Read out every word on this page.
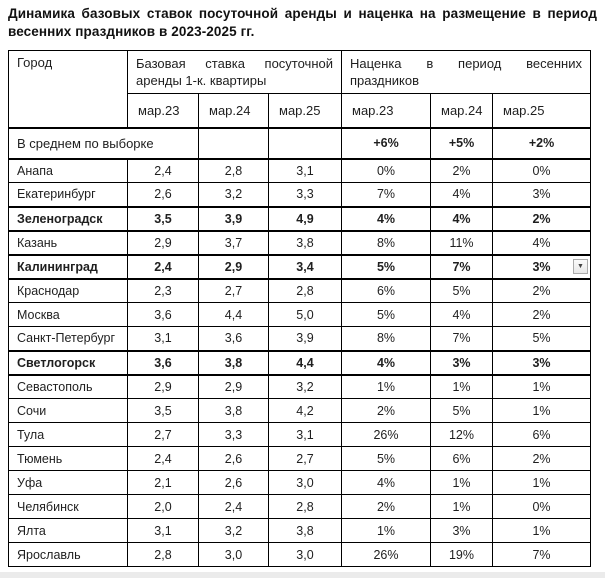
Динамика базовых ставок посуточной аренды и наценка на размещение в период весенних праздников в 2023-2025 гг.
Город	Базовая ставка посуточной аренды 1-к. квартиры			Наценка в период весенних праздников		
	мар.23	мар.24	мар.25	мар.23	мар.24	мар.25
В среднем по выборке				+6%	+5%	+2%
Анапа	2,4	2,8	3,1	0%	2%	0%
Екатеринбург	2,6	3,2	3,3	7%	4%	3%
Зеленоградск	3,5	3,9	4,9	4%	4%	2%
Казань	2,9	3,7	3,8	8%	11%	4%
Калининград	2,4	2,9	3,4	5%	7%	3% ▼

Краснодар	2,3	2,7	2,8	6%	5%	2%
Москва	3,6	4,4	5,0	5%	4%	2%
Санкт-Петербург	3,1	3,6	3,9	8%	7%	5%
Светлогорск	3,6	3,8	4,4	4%	3%	3%
Севастополь	2,9	2,9	3,2	1%	1%	1%
Сочи	3,5	3,8	4,2	2%	5%	1%
Тула	2,7	3,3	3,1	26%	12%	6%
Тюмень	2,4	2,6	2,7	5%	6%	2%
Уфа	2,1	2,6	3,0	4%	1%	1%
Челябинск	2,0	2,4	2,8	2%	1%	0%
Ялта	3,1	3,2	3,8	1%	3%	1%
Ярославль	2,8	3,0	3,0	26%	19%	7%
